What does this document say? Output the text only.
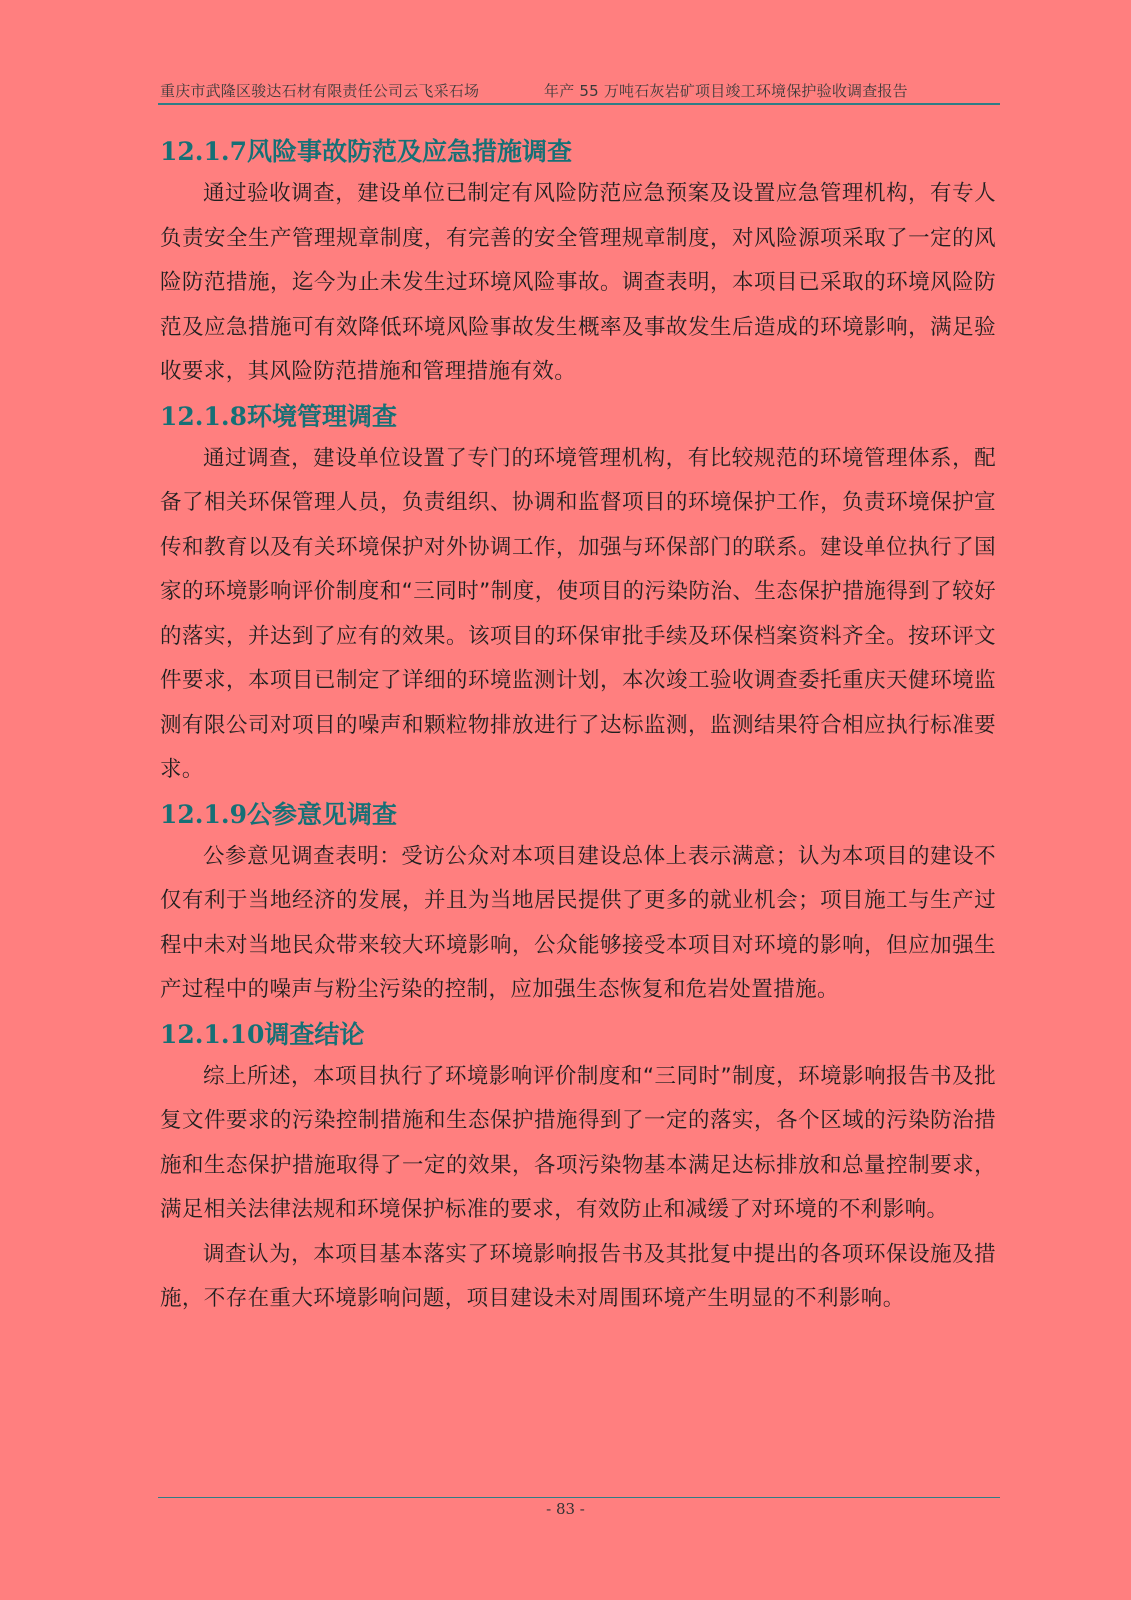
重庆市武隆区骏达石材有限责任公司云飞采石场	年产 55 万吨石灰岩矿项目竣工环境保护验收调查报告
12.1.7风险事故防范及应急措施调查

通过验收调查，建设单位已制定有风险防范应急预案及设置应急管理机构，有专人负责安全生产管理规章制度，有完善的安全管理规章制度，对风险源项采取了一定的风险防范措施，迄今为止未发生过环境风险事故。调查表明，本项目已采取的环境风险防范及应急措施可有效降低环境风险事故发生概率及事故发生后造成的环境影响，满足验收要求，其风险防范措施和管理措施有效。

12.1.8环境管理调查

通过调查，建设单位设置了专门的环境管理机构，有比较规范的环境管理体系，配备了相关环保管理人员，负责组织、协调和监督项目的环境保护工作，负责环境保护宣传和教育以及有关环境保护对外协调工作，加强与环保部门的联系。建设单位执行了国家的环境影响评价制度和“三同时”制度，使项目的污染防治、生态保护措施得到了较好的落实，并达到了应有的效果。该项目的环保审批手续及环保档案资料齐全。按环评文件要求，本项目已制定了详细的环境监测计划，本次竣工验收调查委托重庆天健环境监测有限公司对项目的噪声和颗粒物排放进行了达标监测，监测结果符合相应执行标准要求。

12.1.9公参意见调查

公参意见调查表明：受访公众对本项目建设总体上表示满意；认为本项目的建设不仅有利于当地经济的发展，并且为当地居民提供了更多的就业机会；项目施工与生产过程中未对当地民众带来较大环境影响，公众能够接受本项目对环境的影响，但应加强生产过程中的噪声与粉尘污染的控制，应加强生态恢复和危岩处置措施。

12.1.10调查结论

综上所述，本项目执行了环境影响评价制度和“三同时”制度，环境影响报告书及批复文件要求的污染控制措施和生态保护措施得到了一定的落实，各个区域的污染防治措施和生态保护措施取得了一定的效果，各项污染物基本满足达标排放和总量控制要求，满足相关法律法规和环境保护标准的要求，有效防止和减缓了对环境的不利影响。

调查认为，本项目基本落实了环境影响报告书及其批复中提出的各项环保设施及措施，不存在重大环境影响问题，项目建设未对周围环境产生明显的不利影响。

- 83 -
